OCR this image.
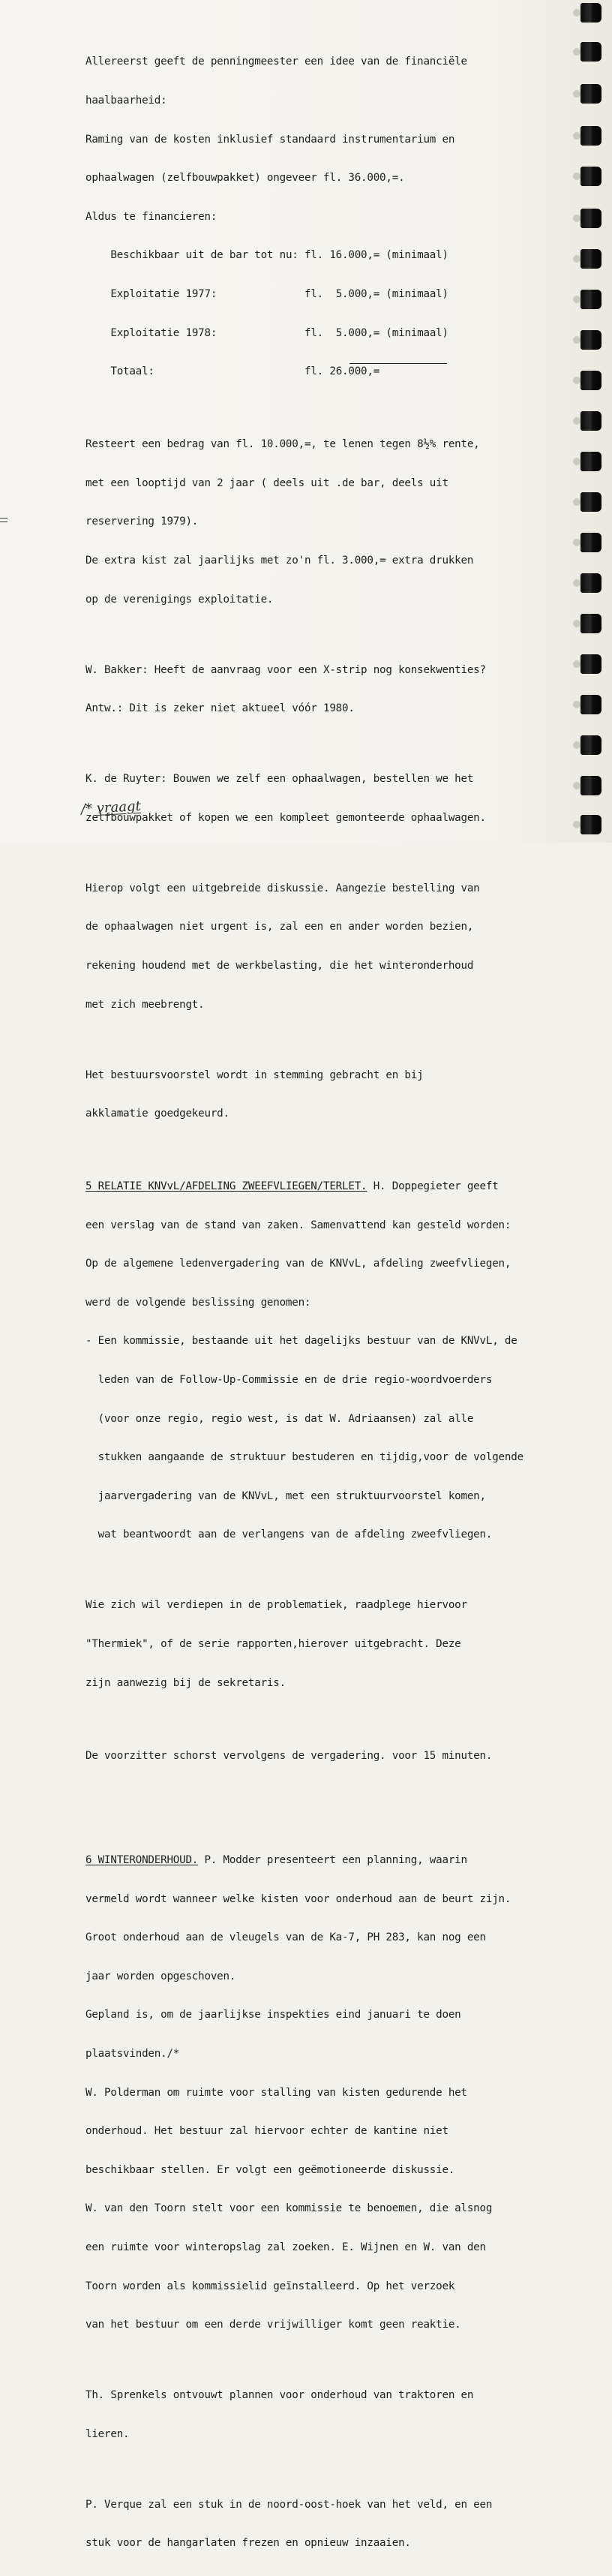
Allereerst geeft de penningmeester een idee van de financiële

haalbaarheid:

Raming van de kosten inklusief standaard instrumentarium en

ophaalwagen (zelfbouwpakket) ongeveer fl. 36.000,=.

Aldus te financieren:

Beschikbaar uit de bar tot nu: fl. 16.000,= (minimaal)

Exploitatie 1977:	fl.  5.000,= (minimaal)

Exploitatie 1978:	fl.  5.000,= (minimaal)

Totaal:	fl. 26.000,=

Resteert een bedrag van fl. 10.000,=, te lenen tegen 8½% rente,

met een looptijd van 2 jaar ( deels uit .de bar, deels uit

reservering 1979).

De extra kist zal jaarlijks met zo'n fl. 3.000,= extra drukken

op de verenigings exploitatie.

W. Bakker: Heeft de aanvraag voor een X-strip nog konsekwenties?

Antw.: Dit is zeker niet aktueel vóór 1980.

K. de Ruyter: Bouwen we zelf een ophaalwagen, bestellen we het

zelfbouwpakket of kopen we een kompleet gemonteerde ophaalwagen.

Hierop volgt een uitgebreide diskussie. Aangezie bestelling van

de ophaalwagen niet urgent is, zal een en ander worden bezien,

rekening houdend met de werkbelasting, die het winteronderhoud

met zich meebrengt.

Het bestuursvoorstel wordt in stemming gebracht en bij

akklamatie goedgekeurd.

5 RELATIE KNVvL/AFDELING ZWEEFVLIEGEN/TERLET. H. Doppegieter geeft

een verslag van de stand van zaken. Samenvattend kan gesteld worden:

Op de algemene ledenvergadering van de KNVvL, afdeling zweefvliegen,

werd de volgende beslissing genomen:

- Een kommissie, bestaande uit het dagelijks bestuur van de KNVvL, de

leden van de Follow-Up-Commissie en de drie regio-woordvoerders

(voor onze regio, regio west, is dat W. Adriaansen) zal alle

stukken aangaande de struktuur bestuderen en tijdig,voor de volgende

jaarvergadering van de KNVvL, met een struktuurvoorstel komen,

wat beantwoordt aan de verlangens van de afdeling zweefvliegen.

Wie zich wil verdiepen in de problematiek, raadplege hiervoor

"Thermiek", of de serie rapporten,hierover uitgebracht. Deze

zijn aanwezig bij de sekretaris.

De voorzitter schorst vervolgens de vergadering. voor 15 minuten.

6 WINTERONDERHOUD. P. Modder presenteert een planning, waarin

vermeld wordt wanneer welke kisten voor onderhoud aan de beurt zijn.

Groot onderhoud aan de vleugels van de Ka-7, PH 283, kan nog een

jaar worden opgeschoven.

Gepland is, om de jaarlijkse inspekties eind januari te doen

plaatsvinden./*

W. Polderman om ruimte voor stalling van kisten gedurende het

onderhoud. Het bestuur zal hiervoor echter de kantine niet

beschikbaar stellen. Er volgt een geëmotioneerde diskussie.

W. van den Toorn stelt voor een kommissie te benoemen, die alsnog

een ruimte voor winteropslag zal zoeken. E. Wijnen en W. van den

Toorn worden als kommissielid geïnstalleerd. Op het verzoek

van het bestuur om een derde vrijwilliger komt geen reaktie.

Th. Sprenkels ontvouwt plannen voor onderhoud van traktoren en

lieren.

P. Verque zal een stuk in de noord-oost-hoek van het veld, en een

stuk voor de hangarlaten frezen en opnieuw inzaaien.

/* vraagt
